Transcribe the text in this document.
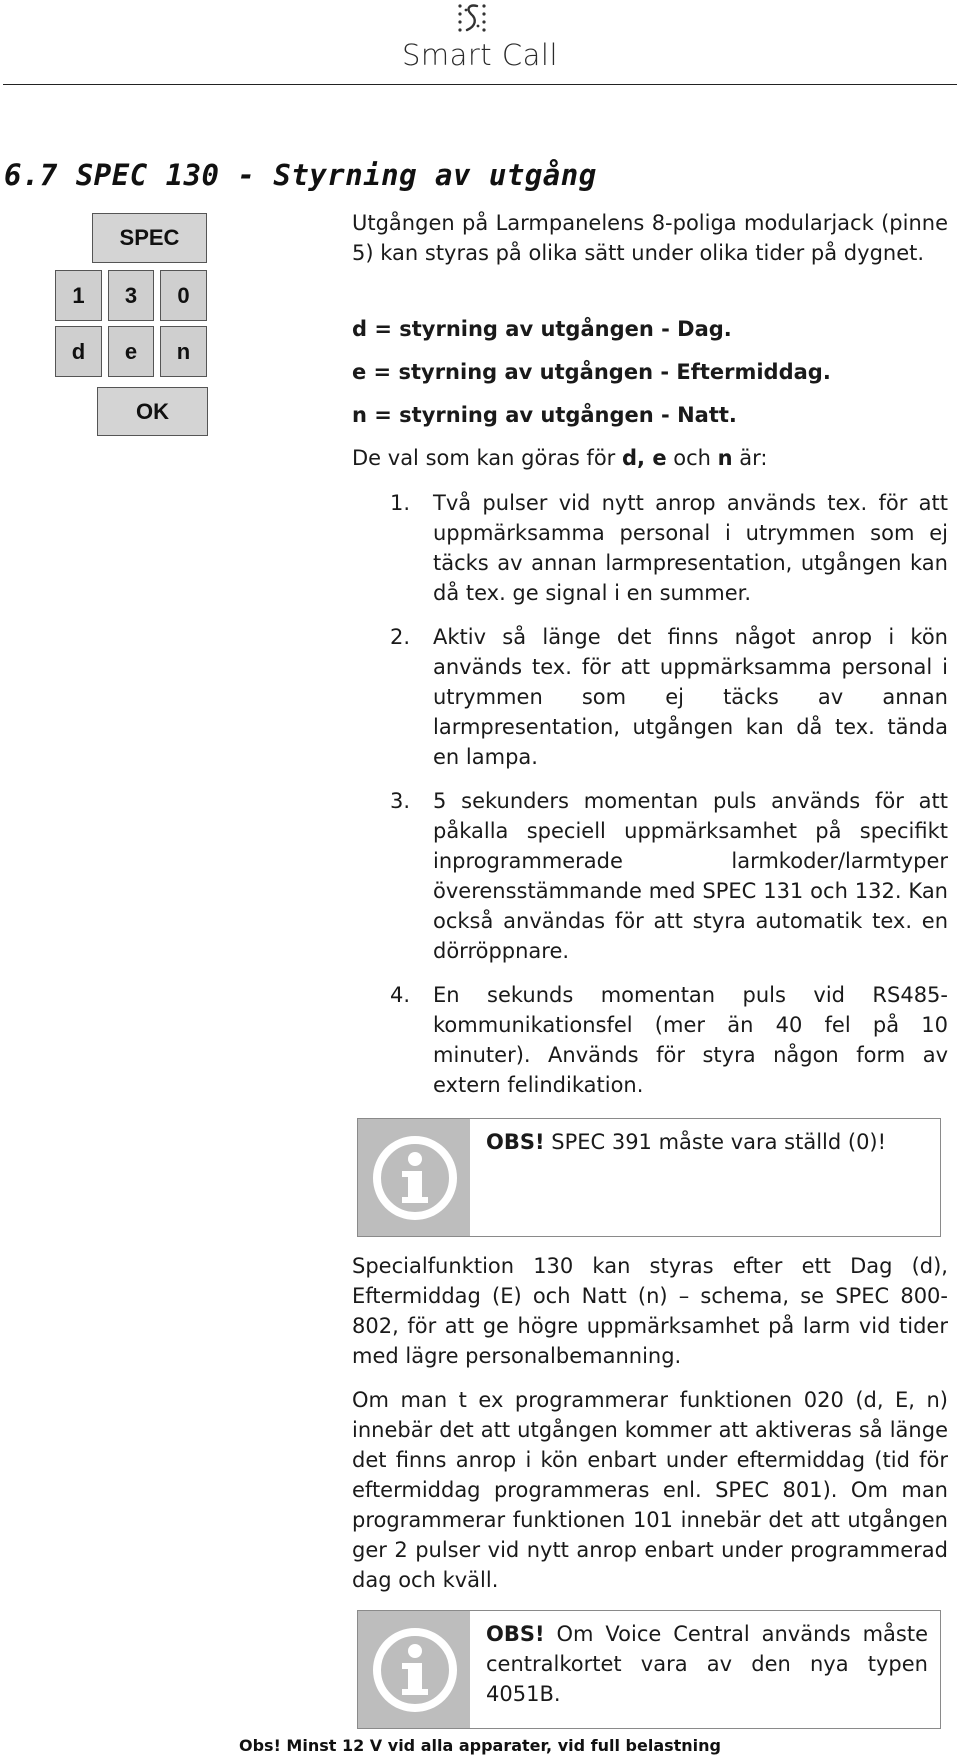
Smart Call
6.7 SPEC 130 - Styrning av utgång
SPEC
1	3	0
d	e	n
OK

Utgången på Larmpanelens 8-poliga modularjack (pinne 5) kan styras på olika sätt under olika tider på dygnet.

d = styrning av utgången - Dag.

e = styrning av utgången - Eftermiddag.

n = styrning av utgången - Natt.

De val som kan göras för d, e och n är:

1. Två pulser vid nytt anrop används tex. för att uppmärksamma personal i utrymmen som ej täcks av annan larmpresentation, utgången kan då tex. ge signal i en summer.

2. Aktiv så länge det finns något anrop i kön används tex. för att uppmärksamma personal i utrymmen som ej täcks av annan larmpresentation, utgången kan då tex. tända en lampa.

3. 5 sekunders momentan puls används för att påkalla speciell uppmärksamhet på specifikt inprogrammerade larmkoder/larmtyper överensstämmande med SPEC 131 och 132. Kan också användas för att styra automatik tex. en dörröppnare.

4. En sekunds momentan puls vid RS485-kommunikationsfel (mer än 40 fel på 10 minuter). Används för styra någon form av extern felindikation.

OBS! SPEC 391 måste vara ställd (0)!

Specialfunktion 130 kan styras efter ett Dag (d), Eftermiddag (E) och Natt (n) – schema, se SPEC 800-802, för att ge högre uppmärksamhet på larm vid tider med lägre personalbemanning.

Om man t ex programmerar funktionen 020 (d, E, n) innebär det att utgången kommer att aktiveras så länge det finns anrop i kön enbart under eftermiddag (tid för eftermiddag programmeras enl. SPEC 801). Om man programmerar funktionen 101 innebär det att utgången ger 2 pulser vid nytt anrop enbart under programmerad dag och kväll.

OBS! Om Voice Central används måste centralkortet vara av den nya typen 4051B.

Obs! Minst 12 V vid alla apparater, vid full belastning
